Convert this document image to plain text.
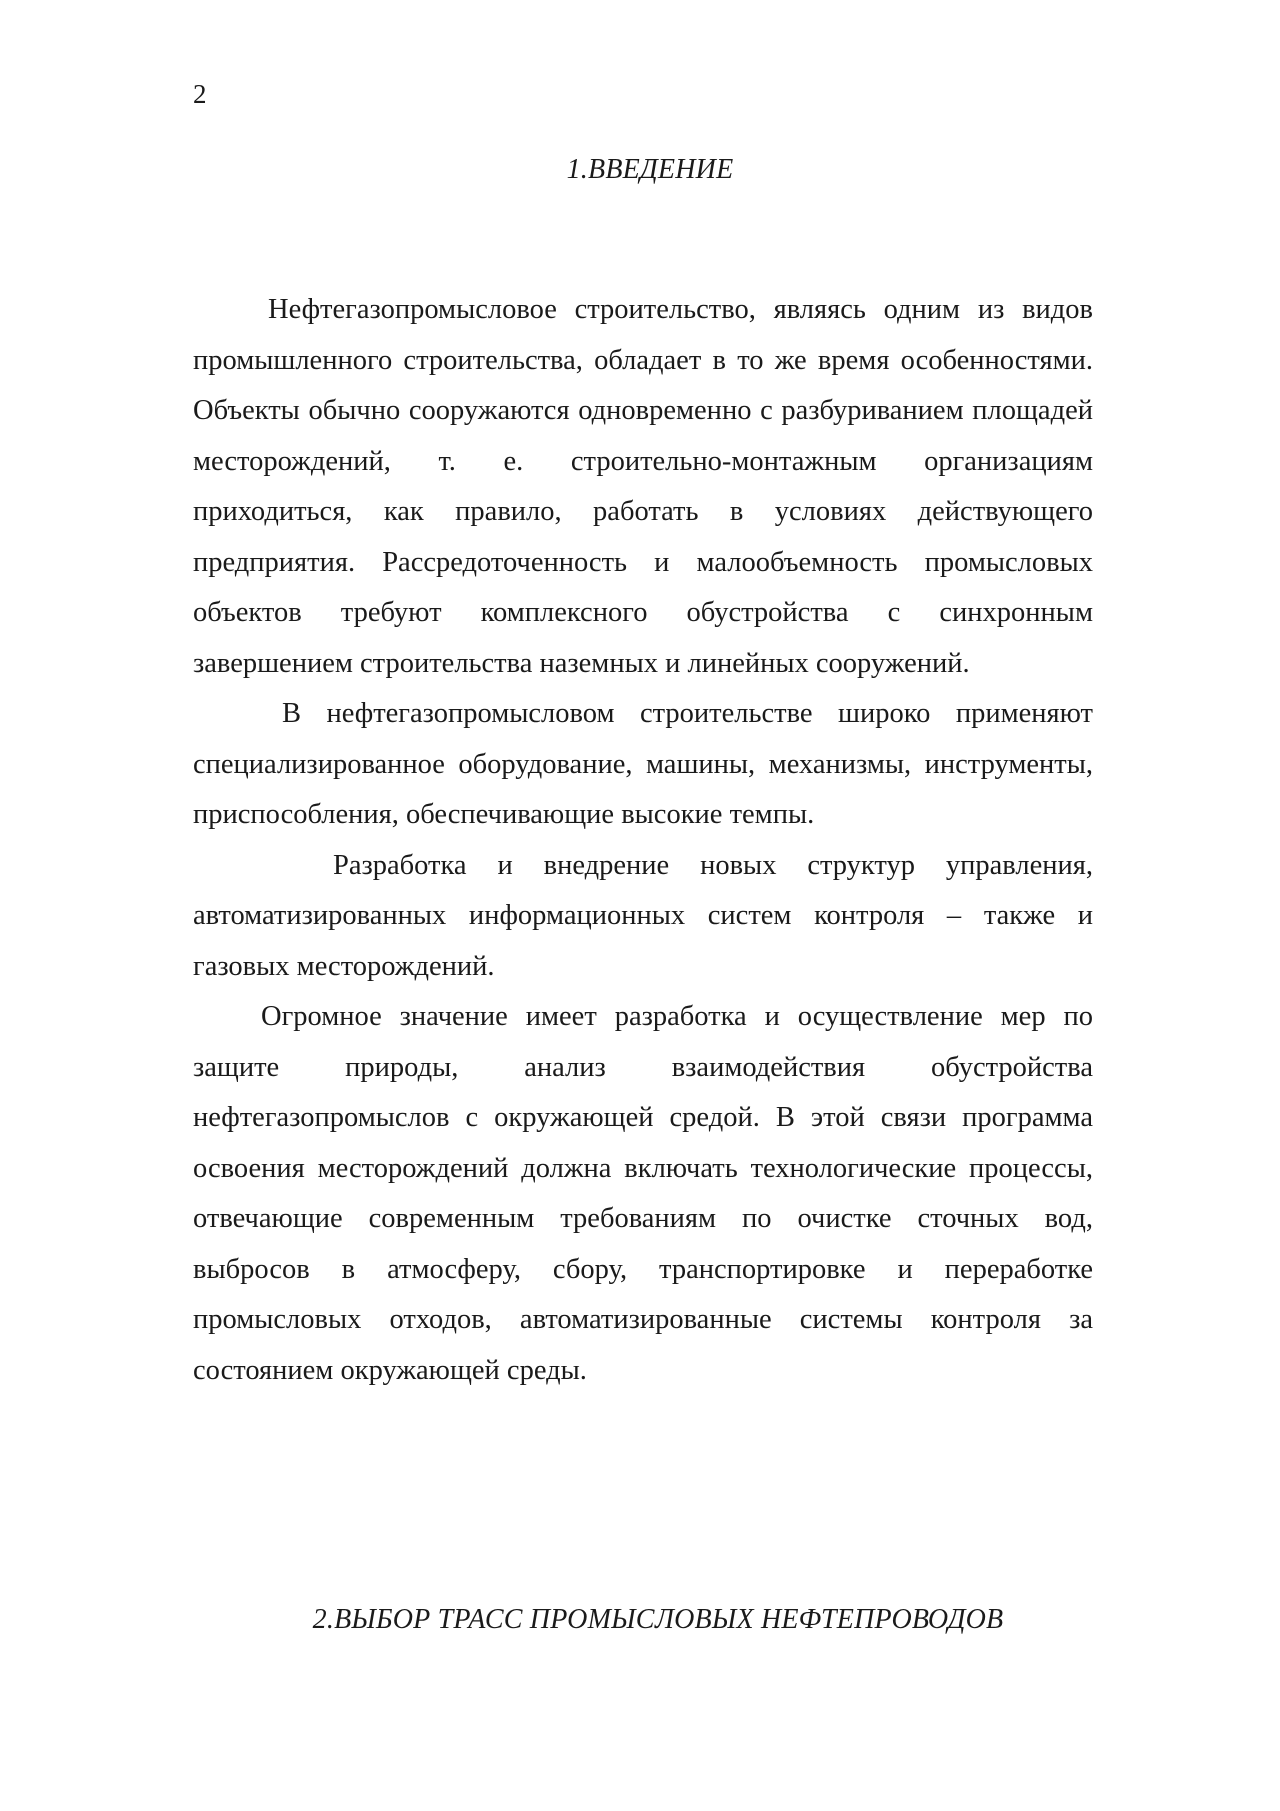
2
1.ВВЕДЕНИЕ

Нефтегазопромысловое строительство, являясь одним из видов промышленного строительства, обладает в то же время особенностями. Объекты обычно сооружаются одновременно с разбуриванием площадей месторождений, т. е. строительно-монтажным организациям приходиться, как правило, работать в условиях действующего предприятия. Рассредоточенность и малообъемность промысловых объектов требуют комплексного обустройства с синхронным завершением строительства наземных и линейных сооружений.

В нефтегазопромысловом строительстве широко применяют специализированное оборудование, машины, механизмы, инструменты, приспособления, обеспечивающие высокие темпы.

Разработка и внедрение новых структур управления, автоматизированных информационных систем контроля – также и газовых месторождений.

Огромное значение имеет разработка и осуществление мер по защите природы, анализ взаимодействия обустройства нефтегазопромыслов с окружающей средой. В этой связи программа освоения месторождений должна включать технологические процессы, отвечающие современным требованиям по очистке сточных вод, выбросов в атмосферу, сбору, транспортировке и переработке промысловых отходов, автоматизированные системы контроля за состоянием окружающей среды.

2.ВЫБОР ТРАСС ПРОМЫСЛОВЫХ НЕФТЕПРОВОДОВ
